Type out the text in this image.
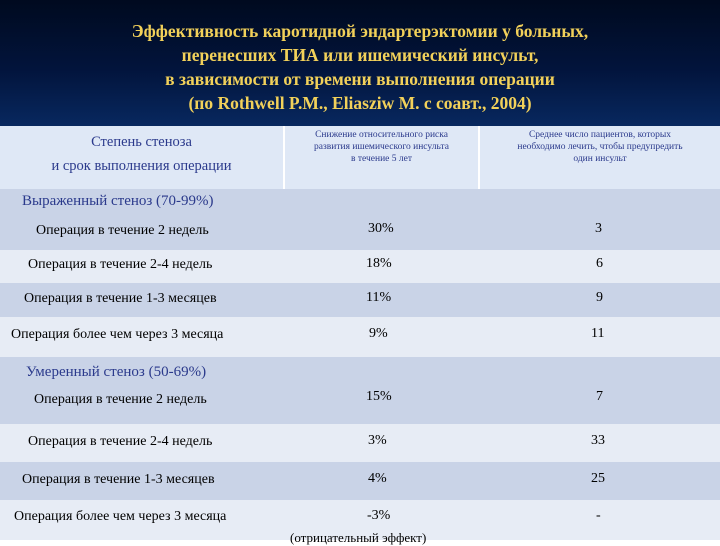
Эффективность каротидной эндартерэктомии у больных,
перенесших ТИА или ишемический инсульт,
в зависимости от времени выполнения операции
(по Rothwell P.M., Eliasziw M. с соавт., 2004)
Степень стеноза
и срок выполнения операции
Снижение относительного риска
развития ишемического инсульта
в течение 5 лет
Среднее число пациентов, которых
необходимо лечить, чтобы предупредить
один инсульт
Выраженный стеноз (70-99%)
Операция в течение 2 недель	30%	3
Операция в течение 2-4 недель	18%	6
Операция в течение 1-3 месяцев	11%	9
Операция более чем через 3 месяца	9%	11
Умеренный стеноз (50-69%)
Операция в течение 2 недель	15%	7
Операция в течение 2-4 недель	3%	33
Операция в течение 1-3 месяцев	4%	25
Операция более чем через 3 месяца	-3%	-
(отрицательный эффект)
